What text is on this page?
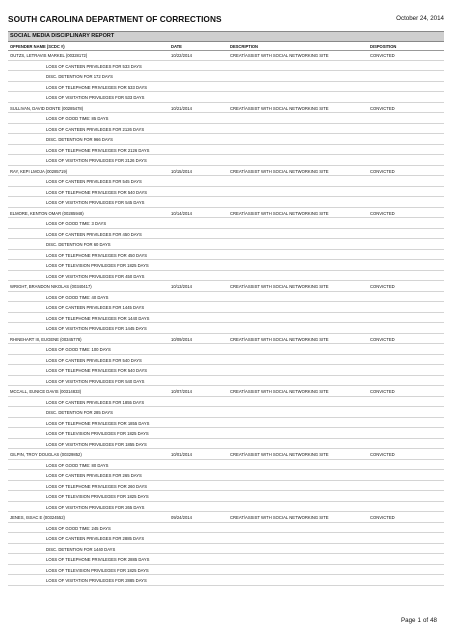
SOUTH CAROLINA DEPARTMENT OF CORRECTIONS	October 24, 2014
SOCIAL MEDIA DISCIPLINARY REPORT
OFFENDER NAME (SCDC #)	DATE	DESCRIPTION	DISPOSITION
OUTZS, LETRAVIS MARKEL (00328172)	10/22/2014	CREAT/ASSIST WITH SOCIAL NETWORKING SITE	CONVICTED
LOSS OF CANTEEN PRIVILEGES FOR 533 DAYS
DISC. DETENTION FOR 172 DAYS
LOSS OF TELEPHONE PRIVILEGES FOR 533 DAYS
LOSS OF VISITATION PRIVILEGES FOR 533 DAYS
SULLIVAN, DAVID DONTE (00285478)	10/21/2014	CREAT/ASSIST WITH SOCIAL NETWORKING SITE	CONVICTED
LOSS OF GOOD TIME: 85 DAYS
LOSS OF CANTEEN PRIVILEGES FOR 2126 DAYS
DISC. DETENTION FOR 966 DAYS
LOSS OF TELEPHONE PRIVILEGES FOR 2126 DAYS
LOSS OF VISITATION PRIVILEGES FOR 2126 DAYS
RAY, KEPI LMOJA (00285719)	10/15/2014	CREAT/ASSIST WITH SOCIAL NETWORKING SITE	CONVICTED
LOSS OF CANTEEN PRIVILEGES FOR 545 DAYS
LOSS OF TELEPHONE PRIVILEGES FOR 540 DAYS
LOSS OF VISITATION PRIVILEGES FOR 545 DAYS
ELMORE, KENTON OMAR (00285948)	10/14/2014	CREAT/ASSIST WITH SOCIAL NETWORKING SITE	CONVICTED
LOSS OF GOOD TIME: 3 DAYS
LOSS OF CANTEEN PRIVILEGES FOR 450 DAYS
DISC. DETENTION FOR 60 DAYS
LOSS OF TELEPHONE PRIVILEGES FOR 450 DAYS
LOSS OF TELEVISION PRIVILEGES FOR 1825 DAYS
LOSS OF VISITATION PRIVILEGES FOR 450 DAYS
WRIGHT, BRANDON NIKOLAS (00340417)	10/13/2014	CREAT/ASSIST WITH SOCIAL NETWORKING SITE	CONVICTED
LOSS OF GOOD TIME: 40 DAYS
LOSS OF CANTEEN PRIVILEGES FOR 1445 DAYS
LOSS OF TELEPHONE PRIVILEGES FOR 1440 DAYS
LOSS OF VISITATION PRIVILEGES FOR 1445 DAYS
RHINEHART III, EUGENE (00345778)	10/09/2014	CREAT/ASSIST WITH SOCIAL NETWORKING SITE	CONVICTED
LOSS OF GOOD TIME: 100 DAYS
LOSS OF CANTEEN PRIVILEGES FOR 540 DAYS
LOSS OF TELEPHONE PRIVILEGES FOR 540 DAYS
LOSS OF VISITATION PRIVILEGES FOR 540 DAYS
MCCALL, EUNICE DAVIS (00314833)	10/07/2014	CREAT/ASSIST WITH SOCIAL NETWORKING SITE	CONVICTED
LOSS OF CANTEEN PRIVILEGES FOR 1855 DAYS
DISC. DETENTION FOR 285 DAYS
LOSS OF TELEPHONE PRIVILEGES FOR 1855 DAYS
LOSS OF TELEVISION PRIVILEGES FOR 1825 DAYS
LOSS OF VISITATION PRIVILEGES FOR 1855 DAYS
GILPIN, TROY DOUGLAS (00329852)	10/01/2014	CREAT/ASSIST WITH SOCIAL NETWORKING SITE	CONVICTED
LOSS OF GOOD TIME: 80 DAYS
LOSS OF CANTEEN PRIVILEGES FOR 265 DAYS
LOSS OF TELEPHONE PRIVILEGES FOR 260 DAYS
LOSS OF TELEVISION PRIVILEGES FOR 1825 DAYS
LOSS OF VISITATION PRIVILEGES FOR 265 DAYS
JENES, ISSAC E (00324552)	09/24/2014	CREAT/ASSIST WITH SOCIAL NETWORKING SITE	CONVICTED
LOSS OF GOOD TIME: 245 DAYS
LOSS OF CANTEEN PRIVILEGES FOR 2885 DAYS
DISC. DETENTION FOR 1440 DAYS
LOSS OF TELEPHONE PRIVILEGES FOR 2885 DAYS
LOSS OF TELEVISION PRIVILEGES FOR 1825 DAYS
LOSS OF VISITATION PRIVILEGES FOR 2885 DAYS
Page 1 of 48
